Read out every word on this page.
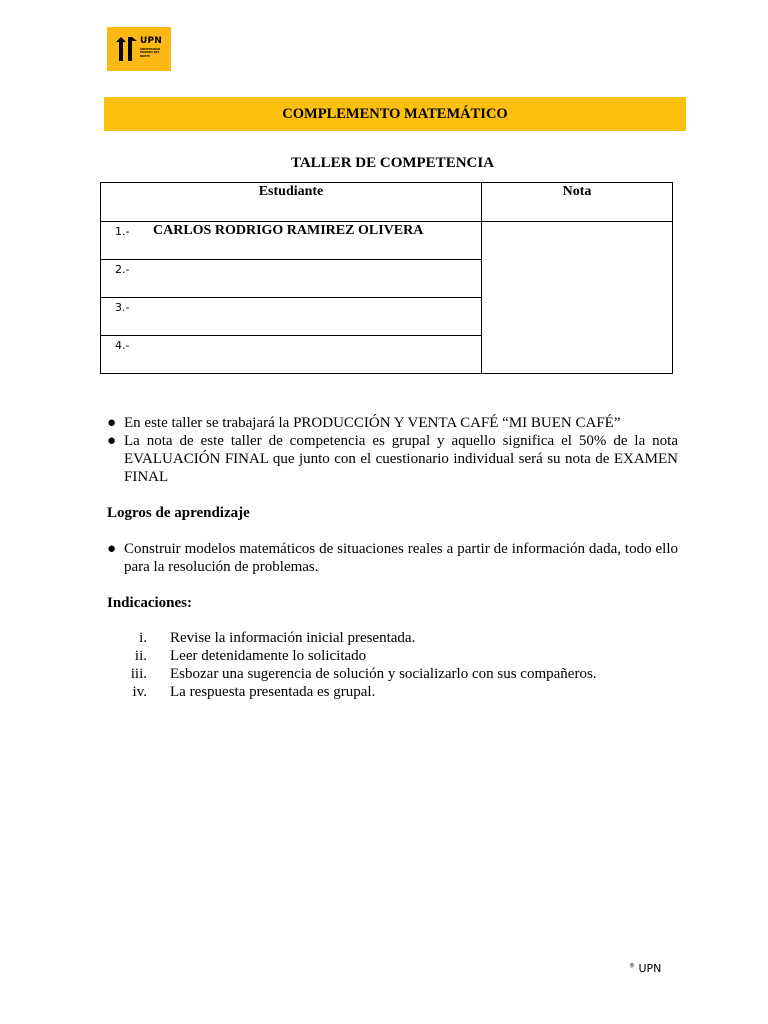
UPN
UNIVERSIDAD PRIVADA DEL NORTE
COMPLEMENTO MATEMÁTICO
TALLER DE COMPETENCIA
Estudiante	Nota

1.- CARLOS RODRIGO RAMIREZ OLIVERA	

2.-	

3.-	

4.-	
● En este taller se trabajará la PRODUCCIÓN Y VENTA CAFÉ “MI BUEN CAFÉ”
● La nota de este taller de competencia es grupal y aquello significa el 50% de la nota EVALUACIÓN FINAL que junto con el cuestionario individual será su nota de EXAMEN FINAL

Logros de aprendizaje

● Construir modelos matemáticos de situaciones reales a partir de información dada, todo ello para la resolución de problemas.

Indicaciones:

i. Revise la información inicial presentada.
ii. Leer detenidamente lo solicitado
iii. Esbozar una sugerencia de solución y socializarlo con sus compañeros.
iv. La respuesta presentada es grupal.
® UPN
